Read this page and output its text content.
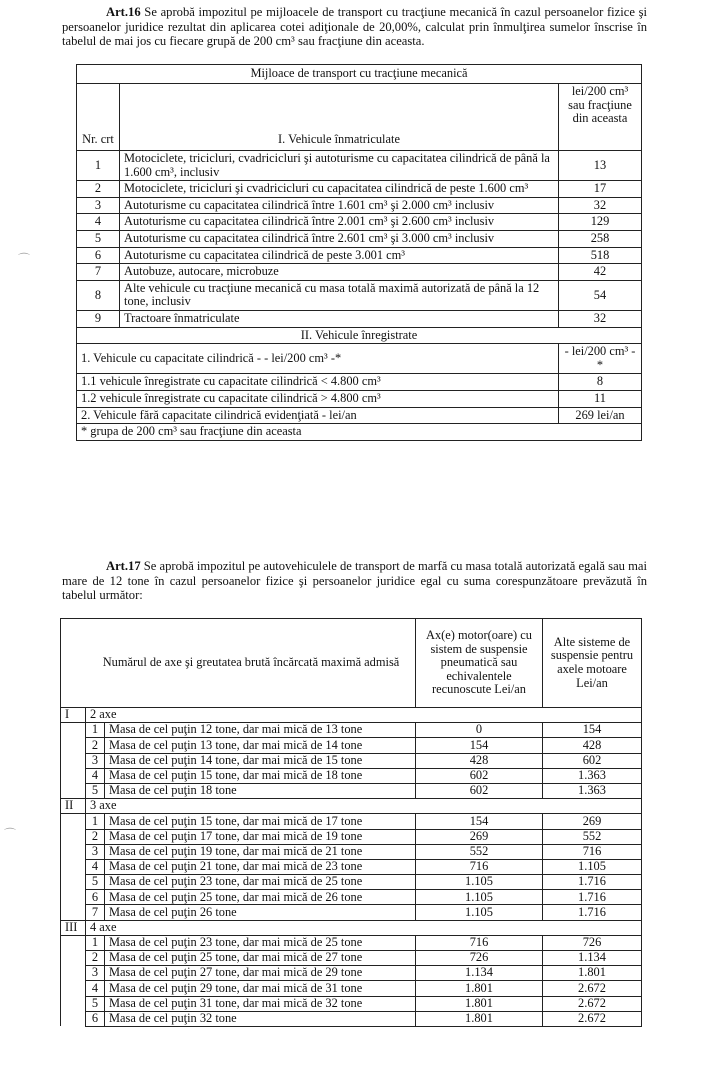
Art.16 Se aprobă impozitul pe mijloacele de transport cu tracţiune mecanică în cazul persoanelor fizice şi persoanelor juridice rezultat din aplicarea cotei adiţionale de 20,00%, calculat prin înmulţirea sumelor înscrise în tabelul de mai jos cu fiecare grupă de 200 cm³ sau fracţiune din aceasta.
Mijloace de transport cu tracţiune mecanică		
Nr. crt	I. Vehicule înmatriculate	lei/200 cm³ sau fracţiune din aceasta
1	Motociclete, tricicluri, cvadricicluri şi autoturisme cu capacitatea cilindrică de până la 1.600 cm³, inclusiv	13
2	Motociclete, tricicluri şi cvadricicluri cu capacitatea cilindrică de peste 1.600 cm³	17
3	Autoturisme cu capacitatea cilindrică între 1.601 cm³ şi 2.000 cm³ inclusiv	32
4	Autoturisme cu capacitatea cilindrică între 2.001 cm³ şi 2.600 cm³ inclusiv	129
5	Autoturisme cu capacitatea cilindrică între 2.601 cm³ şi 3.000 cm³ inclusiv	258
6	Autoturisme cu capacitatea cilindrică de peste 3.001 cm³	518
7	Autobuze, autocare, microbuze	42
8	Alte vehicule cu tracţiune mecanică cu masa totală maximă autorizată de până la 12 tone, inclusiv	54
9	Tractoare înmatriculate	32
II. Vehicule înregistrate		
1. Vehicule cu capacitate cilindrică - - lei/200 cm³ -*		- lei/200 cm³ -*
1.1 vehicule înregistrate cu capacitate cilindrică < 4.800 cm³		8
1.2 vehicule înregistrate cu capacitate cilindrică > 4.800 cm³		11
2. Vehicule fără capacitate cilindrică evidenţiată - lei/an		269 lei/an
* grupa de 200 cm³ sau fracţiune din aceasta		
Art.17 Se aprobă impozitul pe autovehiculele de transport de marfă cu masa totală autorizată egală sau mai mare de 12 tone în cazul persoanelor fizice şi persoanelor juridice egal cu suma corespunzătoare prevăzută în tabelul următor:
Numărul de axe şi greutatea brută încărcată maximă admisă			Ax(e) motor(oare) cu sistem de suspensie pneumatică sau echivalentele recunoscute Lei/an	Alte sisteme de suspensie pentru axele motoare Lei/an
I	2 axe			
	1	Masa de cel puţin 12 tone, dar mai mică de 13 tone	0	154
	2	Masa de cel puţin 13 tone, dar mai mică de 14 tone	154	428
	3	Masa de cel puţin 14 tone, dar mai mică de 15 tone	428	602
	4	Masa de cel puţin 15 tone, dar mai mică de 18 tone	602	1.363
	5	Masa de cel puţin 18 tone	602	1.363
II	3 axe			
	1	Masa de cel puţin 15 tone, dar mai mică de 17 tone	154	269
	2	Masa de cel puţin 17 tone, dar mai mică de 19 tone	269	552
	3	Masa de cel puţin 19 tone, dar mai mică de 21 tone	552	716
	4	Masa de cel puţin 21 tone, dar mai mică de 23 tone	716	1.105
	5	Masa de cel puţin 23 tone, dar mai mică de 25 tone	1.105	1.716
	6	Masa de cel puţin 25 tone, dar mai mică de 26 tone	1.105	1.716
	7	Masa de cel puţin 26 tone	1.105	1.716
III	4 axe			
	1	Masa de cel puţin 23 tone, dar mai mică de 25 tone	716	726
	2	Masa de cel puţin 25 tone, dar mai mică de 27 tone	726	1.134
	3	Masa de cel puţin 27 tone, dar mai mică de 29 tone	1.134	1.801
	4	Masa de cel puţin 29 tone, dar mai mică de 31 tone	1.801	2.672
	5	Masa de cel puţin 31 tone, dar mai mică de 32 tone	1.801	2.672
	6	Masa de cel puţin 32 tone	1.801	2.672
⌒
⌒
